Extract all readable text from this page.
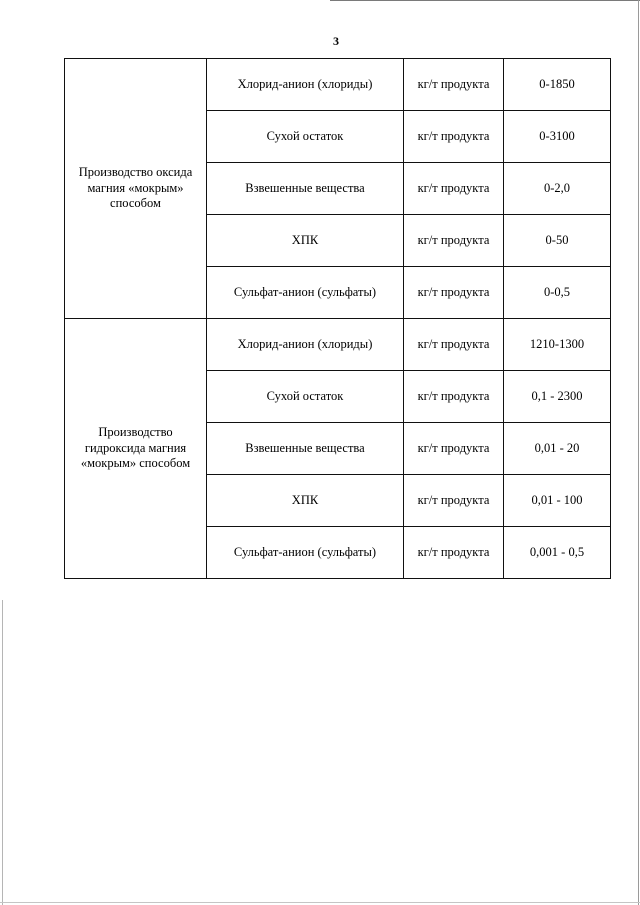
3
Производство оксида магния «мокрым» способом	Хлорид-анион (хлориды)	кг/т продукта	0-1850
	Сухой остаток	кг/т продукта	0-3100
	Взвешенные вещества	кг/т продукта	0-2,0
	ХПК	кг/т продукта	0-50
	Сульфат-анион (сульфаты)	кг/т продукта	0-0,5
Производство гидроксида магния «мокрым» способом	Хлорид-анион (хлориды)	кг/т продукта	1210-1300
	Сухой остаток	кг/т продукта	0,1 - 2300
	Взвешенные вещества	кг/т продукта	0,01 - 20
	ХПК	кг/т продукта	0,01 - 100
	Сульфат-анион (сульфаты)	кг/т продукта	0,001 - 0,5
